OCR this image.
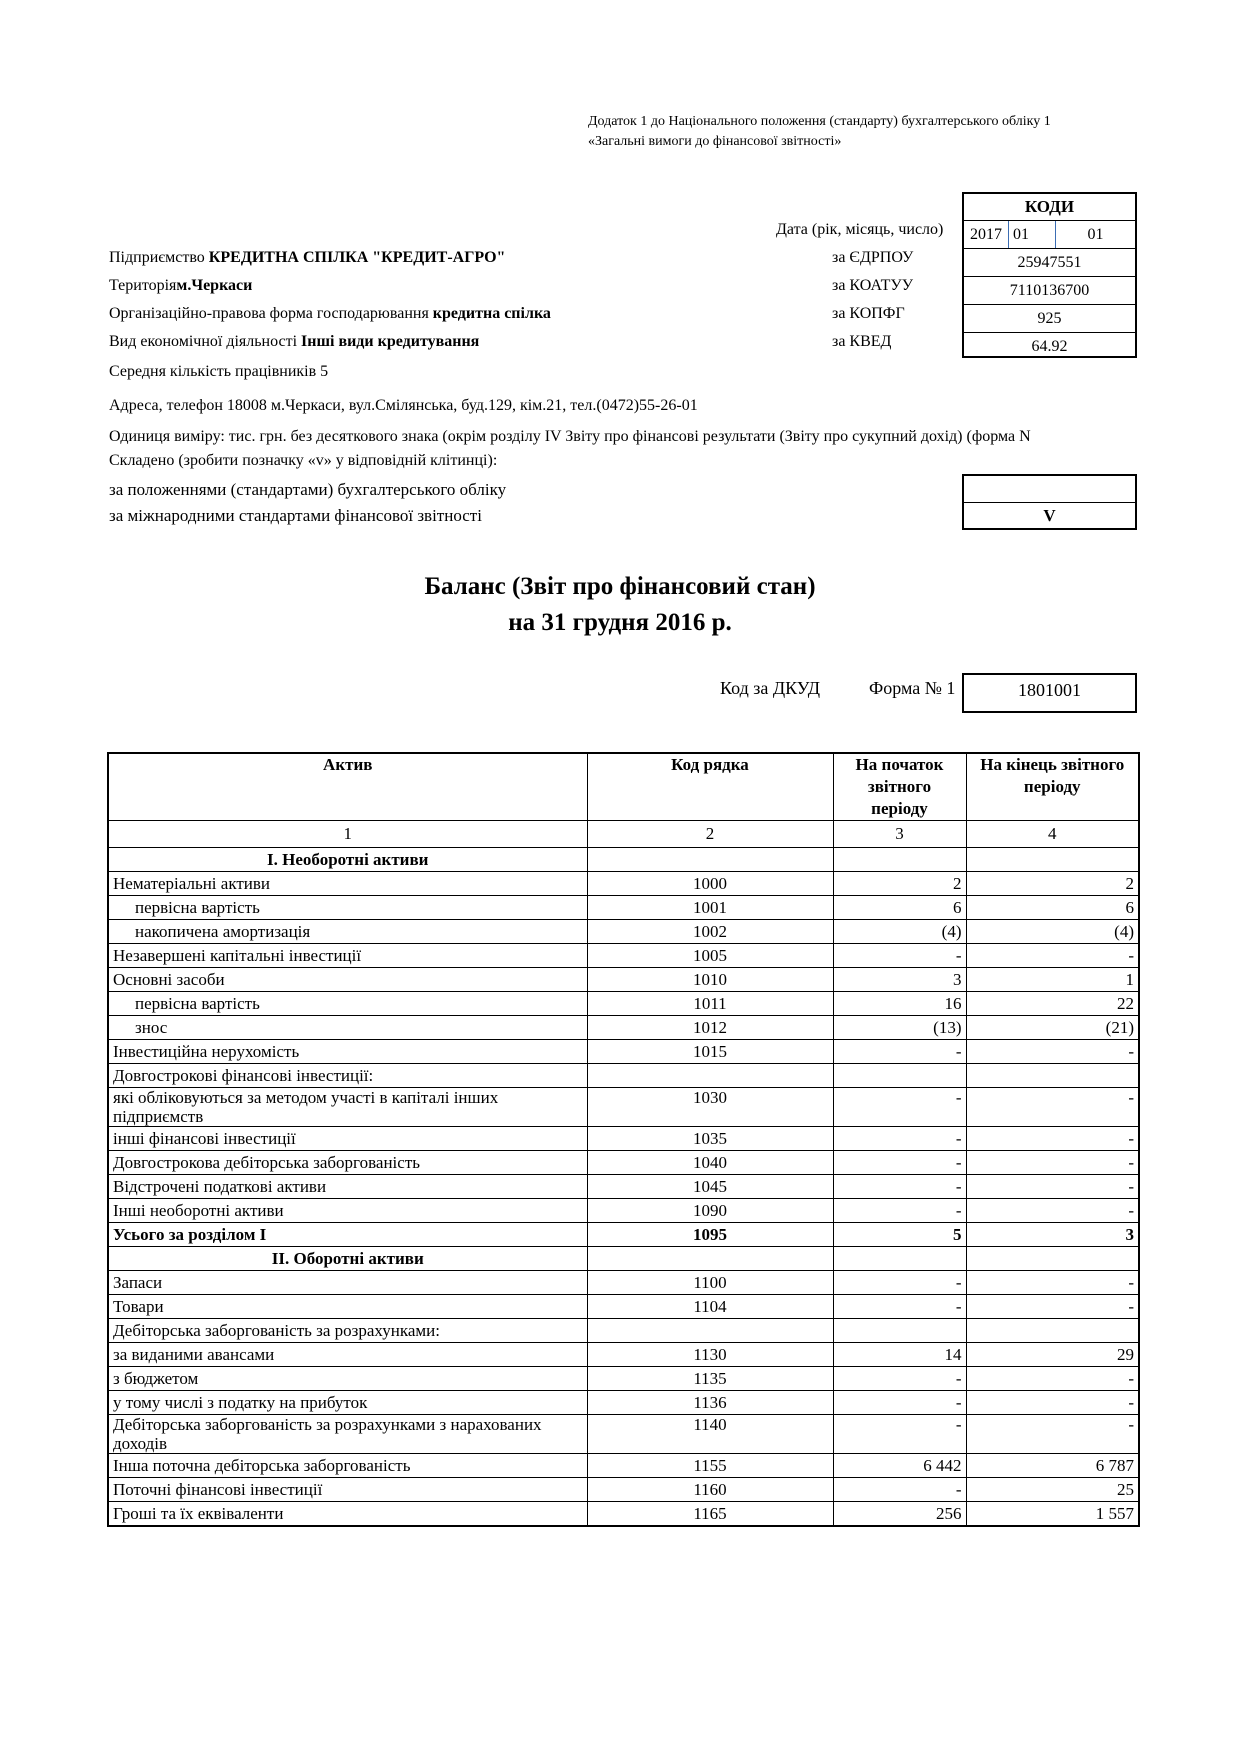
Додаток 1 до Національного положення (стандарту) бухгалтерського обліку 1
«Загальні вимоги до фінансової звітності»
Дата (рік, місяць, число)
КОДИ
2017 01	01
25947551
7110136700
925
64.92
Підприємство КРЕДИТНА СПІЛКА "КРЕДИТ-АГРО"	за ЄДРПОУ
Територіям.Черкаси	за КОАТУУ
Організаційно-правова форма господарювання кредитна спілка	за КОПФГ
Вид економічної діяльності Інші види кредитування	за КВЕД
Середня кількість працівників 5
Адреса, телефон 18008 м.Черкаси, вул.Смілянська, буд.129, кім.21, тел.(0472)55-26-01
Одиниця виміру: тис. грн. без десяткового знака (окрім розділу IV Звіту про фінансові результати (Звіту про сукупний дохід) (форма N
Складено (зробити позначку «v» у відповідній клітинці):
за положеннями (стандартами) бухгалтерського обліку
за міжнародними стандартами фінансової звітності	V
Баланс (Звіт про фінансовий стан)
на 31 грудня 2016 р.
Код за ДКУД	Форма № 1	1801001
Актив	Код рядка	На початок звітного періоду	На кінець звітного періоду
1	2	3	4
I. Необоротні активи			
Нематеріальні активи	1000	2	2
первісна вартість	1001	6	6
накопичена амортизація	1002	(4)	(4)
Незавершені капітальні інвестиції	1005	-	-
Основні засоби	1010	3	1
первісна вартість	1011	16	22
знос	1012	(13)	(21)
Інвестиційна нерухомість	1015	-	-
Довгострокові фінансові інвестиції:			
які обліковуються за методом участі в капіталі інших підприємств	1030	-	-
інші фінансові інвестиції	1035	-	-
Довгострокова дебіторська заборгованість	1040	-	-
Відстрочені податкові активи	1045	-	-
Інші необоротні активи	1090	-	-
Усього за розділом I	1095	5	3
II. Оборотні активи			
Запаси	1100	-	-
Товари	1104	-	-
Дебіторська заборгованість за розрахунками:			
за виданими авансами	1130	14	29
з бюджетом	1135	-	-
у тому числі з податку на прибуток	1136	-	-
Дебіторська заборгованість за розрахунками з нарахованих доходів	1140	-	-
Інша поточна дебіторська заборгованість	1155	6 442	6 787
Поточні фінансові інвестиції	1160	-	25
Гроші та їх еквіваленти	1165	256	1 557
